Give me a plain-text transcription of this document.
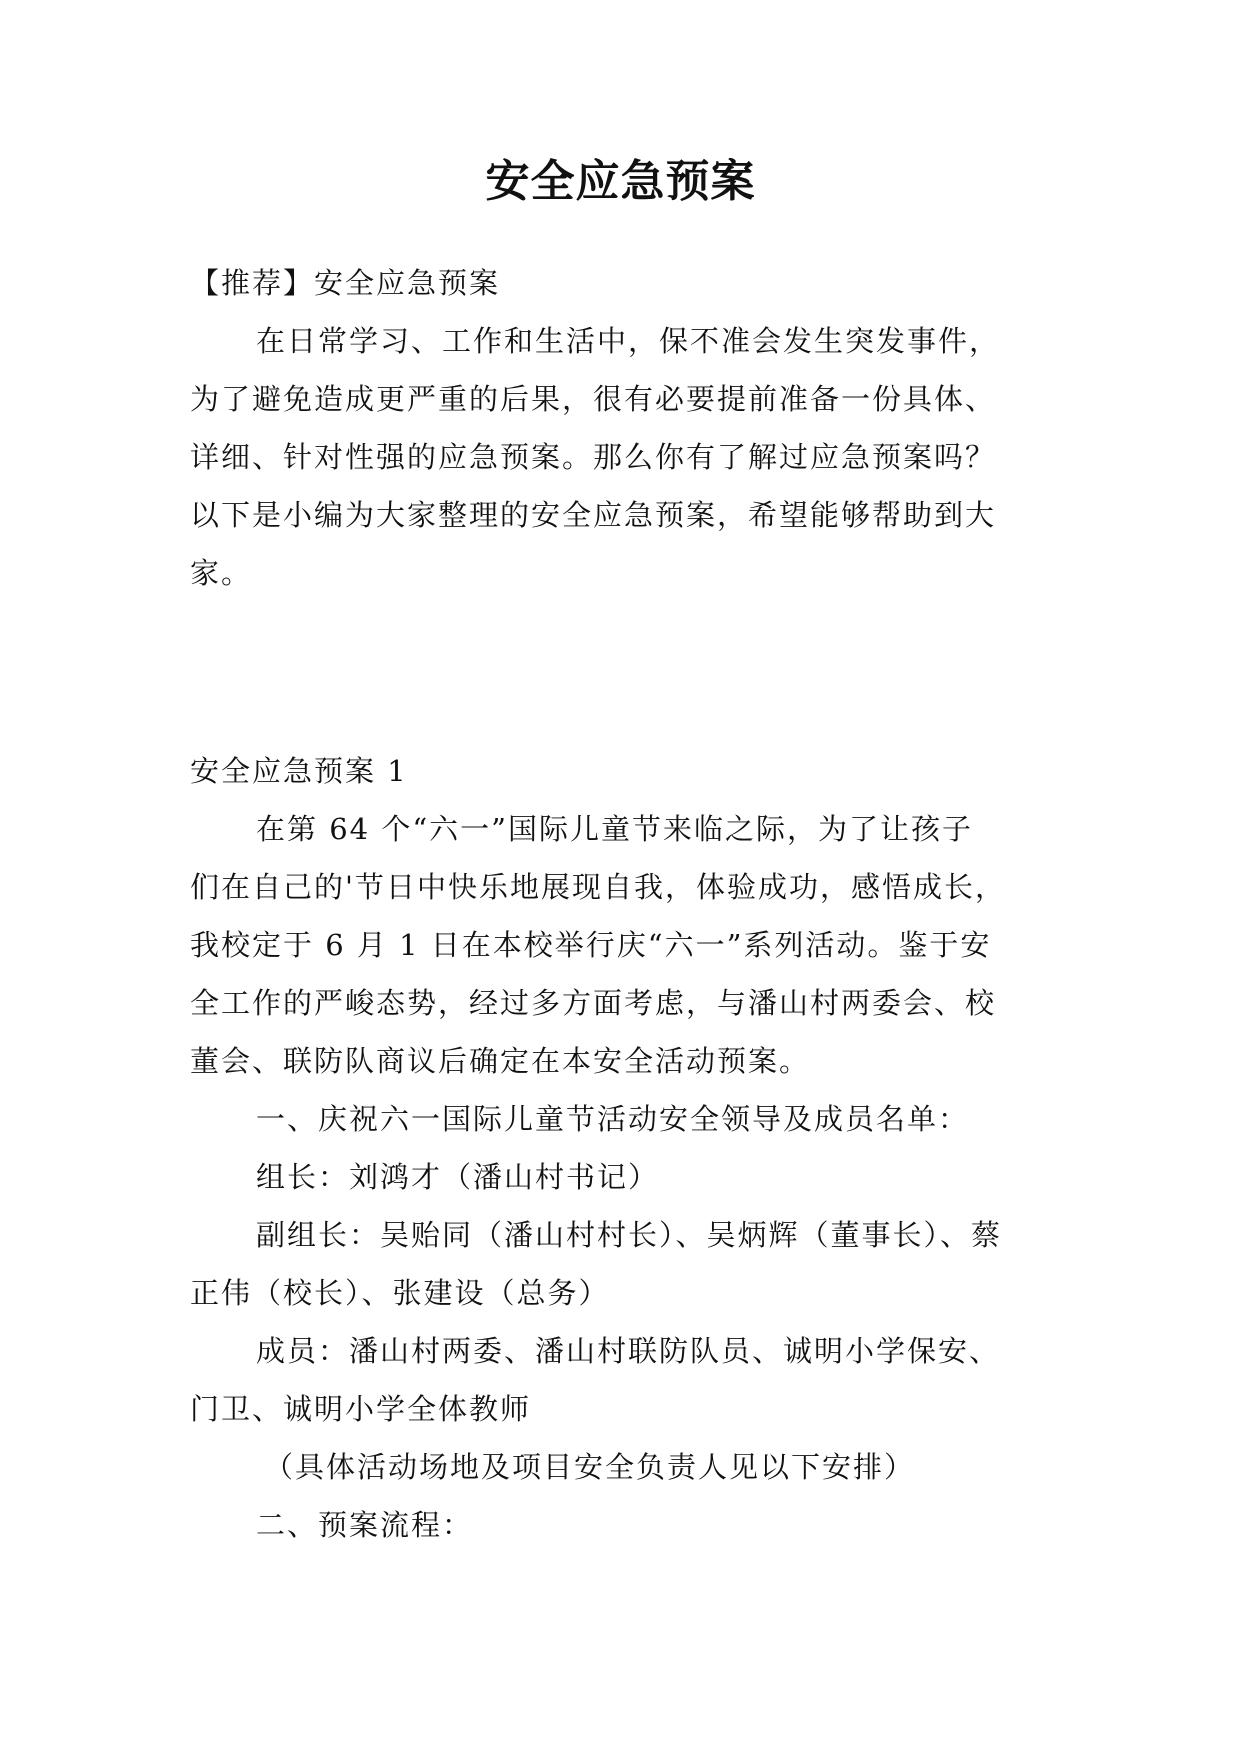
安全应急预案
【推荐】安全应急预案
在日常学习、工作和生活中，保不准会发生突发事件，
为了避免造成更严重的后果，很有必要提前准备一份具体、
详细、针对性强的应急预案。那么你有了解过应急预案吗？
以下是小编为大家整理的安全应急预案，希望能够帮助到大
家。
安全应急预案 1
在第 64 个“六一”国际儿童节来临之际，为了让孩子
们在自己的'节日中快乐地展现自我，体验成功，感悟成长，
我校定于 6 月 1 日在本校举行庆“六一”系列活动。鉴于安
全工作的严峻态势，经过多方面考虑，与潘山村两委会、校
董会、联防队商议后确定在本安全活动预案。
一、庆祝六一国际儿童节活动安全领导及成员名单：
组长：刘鸿才（潘山村书记）
副组长：吴贻同（潘山村村长）、吴炳辉（董事长）、蔡
正伟（校长）、张建设（总务）
成员：潘山村两委、潘山村联防队员、诚明小学保安、
门卫、诚明小学全体教师
（具体活动场地及项目安全负责人见以下安排）
二、预案流程：
